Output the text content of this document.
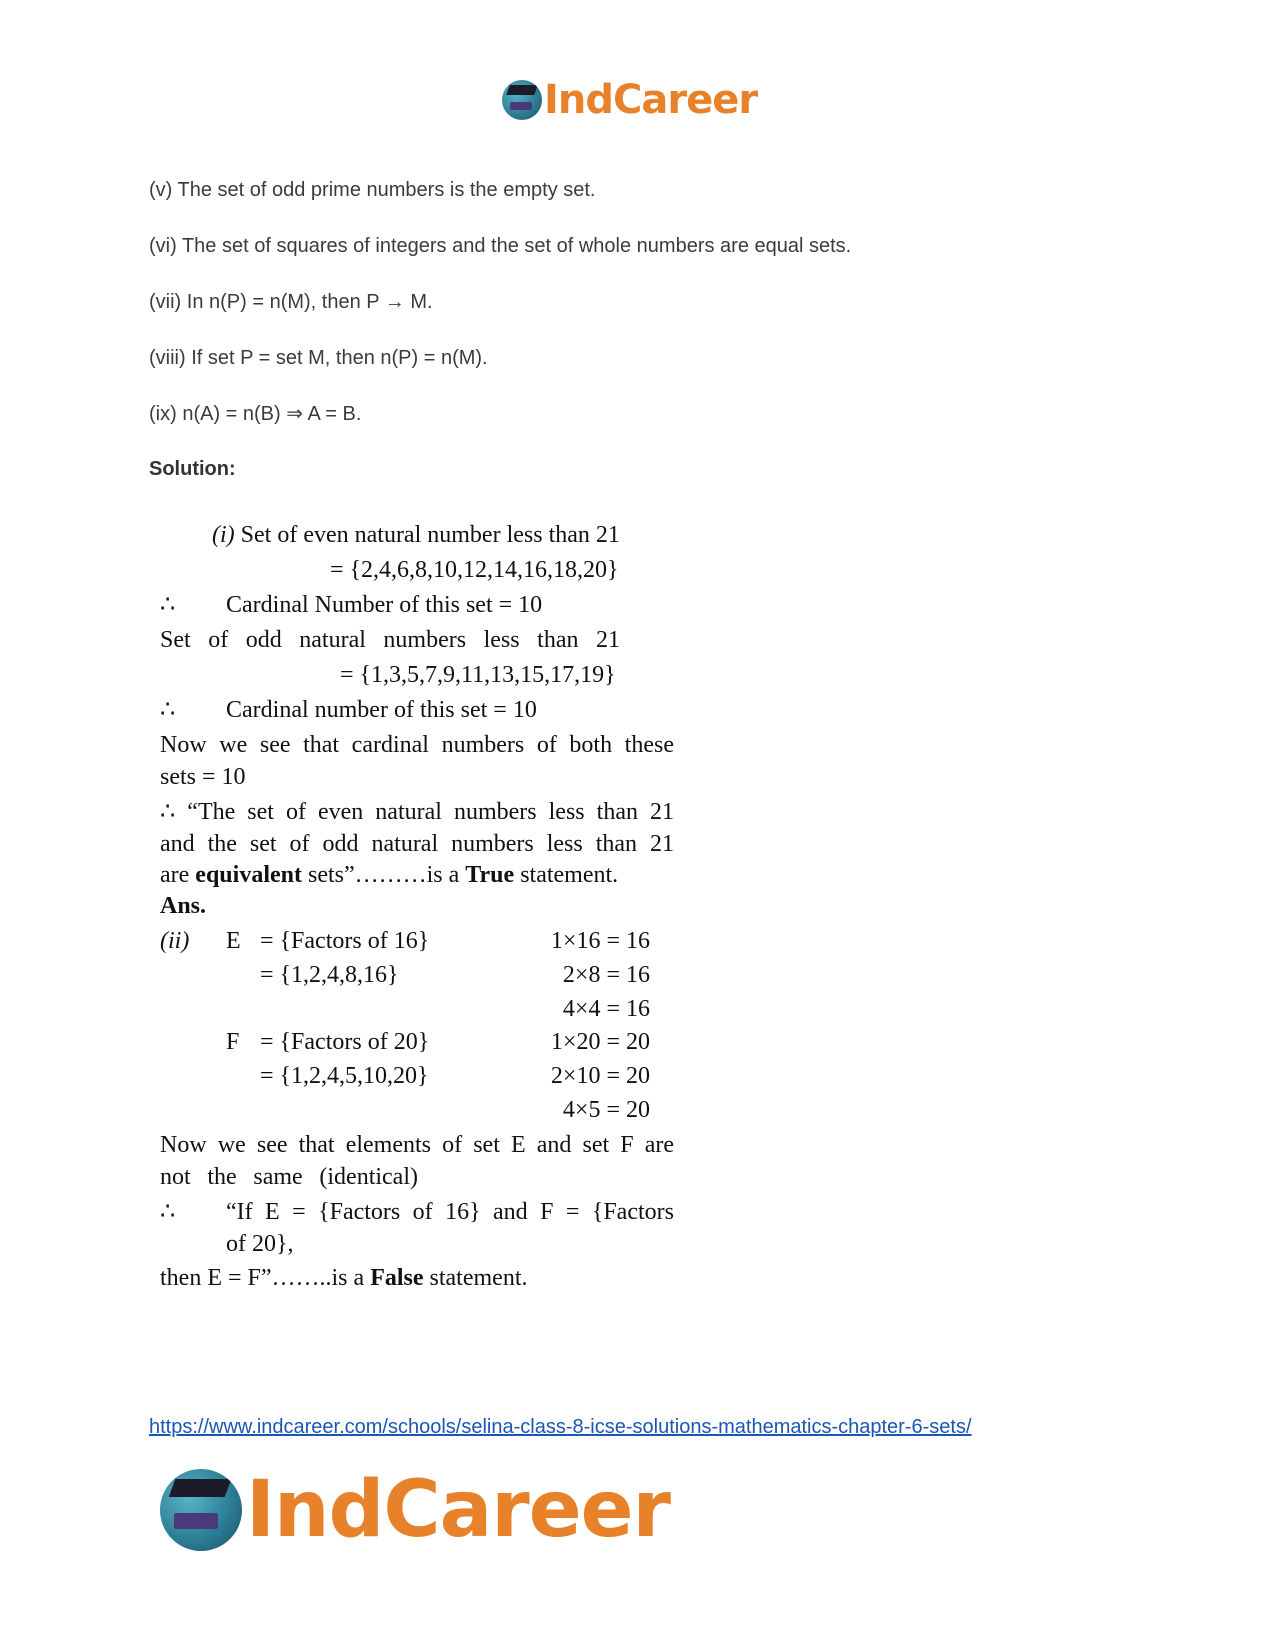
IndCareer
(v) The set of odd prime numbers is the empty set.
(vi) The set of squares of integers and the set of whole numbers are equal sets.
(vii) In n(P) = n(M), then P → M.
(viii) If set P = set M, then n(P) = n(M).
(ix) n(A) = n(B) ⇒ A = B.
Solution:
(i) Set of even natural number less than 21
= {2,4,6,8,10,12,14,16,18,20}
∴ Cardinal Number of this set = 10
Set of odd natural numbers less than 21
= {1,3,5,7,9,11,13,15,17,19}
∴ Cardinal number of this set = 10
Now we see that cardinal numbers of both these
sets = 10
∴ “The set of even natural numbers less than 21
and the set of odd natural numbers less than 21
are equivalent sets”………is a True statement.
Ans.
(ii) E = {Factors of 16}
= {1,2,4,8,16}
F = {Factors of 20}
= {1,2,4,5,10,20}
1×16 = 16
2×8 = 16
4×4 = 16
1×20 = 20
2×10 = 20
4×5 = 20
Now we see that elements of set E and set F are
not the same (identical)
∴ “If E = {Factors of 16} and F = {Factors
of 20},
then E = F”……..is a False statement.
https://www.indcareer.com/schools/selina-class-8-icse-solutions-mathematics-chapter-6-sets/
IndCareer
